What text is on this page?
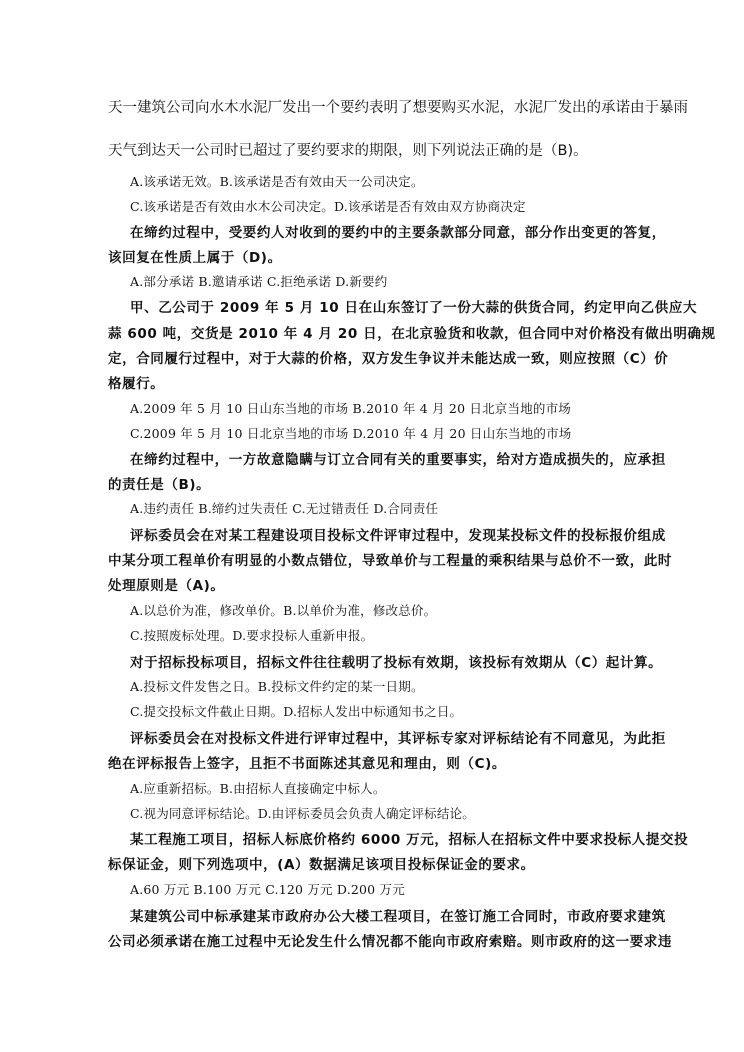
天一建筑公司向水木水泥厂发出一个要约表明了想要购买水泥，水泥厂发出的承诺由于暴雨
天气到达天一公司时已超过了要约要求的期限，则下列说法正确的是（B)。
A.该承诺无效。B.该承诺是否有效由天一公司决定。
C.该承诺是否有效由水木公司决定。D.该承诺是否有效由双方协商决定
在缔约过程中，受要约人对收到的要约中的主要条款部分同意，部分作出变更的答复，
该回复在性质上属于（D)。
A.部分承诺 B.邀请承诺 C.拒绝承诺 D.新要约
甲、乙公司于 2009 年 5 月 10 日在山东签订了一份大蒜的供货合同，约定甲向乙供应大
蒜 600 吨，交货是 2010 年 4 月 20 日，在北京验货和收款，但合同中对价格没有做出明确规
定，合同履行过程中，对于大蒜的价格，双方发生争议并未能达成一致，则应按照（C）价
格履行。
A.2009 年 5 月 10 日山东当地的市场 B.2010 年 4 月 20 日北京当地的市场
C.2009 年 5 月 10 日北京当地的市场 D.2010 年 4 月 20 日山东当地的市场
在缔约过程中，一方故意隐瞒与订立合同有关的重要事实，给对方造成损失的，应承担
的责任是（B)。
A.违约责任 B.缔约过失责任 C.无过错责任 D.合同责任
评标委员会在对某工程建设项目投标文件评审过程中，发现某投标文件的投标报价组成
中某分项工程单价有明显的小数点错位，导致单价与工程量的乘积结果与总价不一致，此时
处理原则是（A)。
A.以总价为准，修改单价。B.以单价为准，修改总价。
C.按照废标处理。D.要求投标人重新申报。
对于招标投标项目，招标文件往往载明了投标有效期，该投标有效期从（C）起计算。
A.投标文件发售之日。B.投标文件约定的某一日期。
C.提交投标文件截止日期。D.招标人发出中标通知书之日。
评标委员会在对投标文件进行评审过程中，其评标专家对评标结论有不同意见，为此拒
绝在评标报告上签字，且拒不书面陈述其意见和理由，则（C)。
A.应重新招标。B.由招标人直接确定中标人。
C.视为同意评标结论。D.由评标委员会负责人确定评标结论。
某工程施工项目，招标人标底价格约 6000 万元，招标人在招标文件中要求投标人提交投
标保证金，则下列选项中，(A）数据满足该项目投标保证金的要求。
A.60 万元 B.100 万元 C.120 万元 D.200 万元
某建筑公司中标承建某市政府办公大楼工程项目，在签订施工合同时，市政府要求建筑
公司必须承诺在施工过程中无论发生什么情况都不能向市政府索赔。则市政府的这一要求违
